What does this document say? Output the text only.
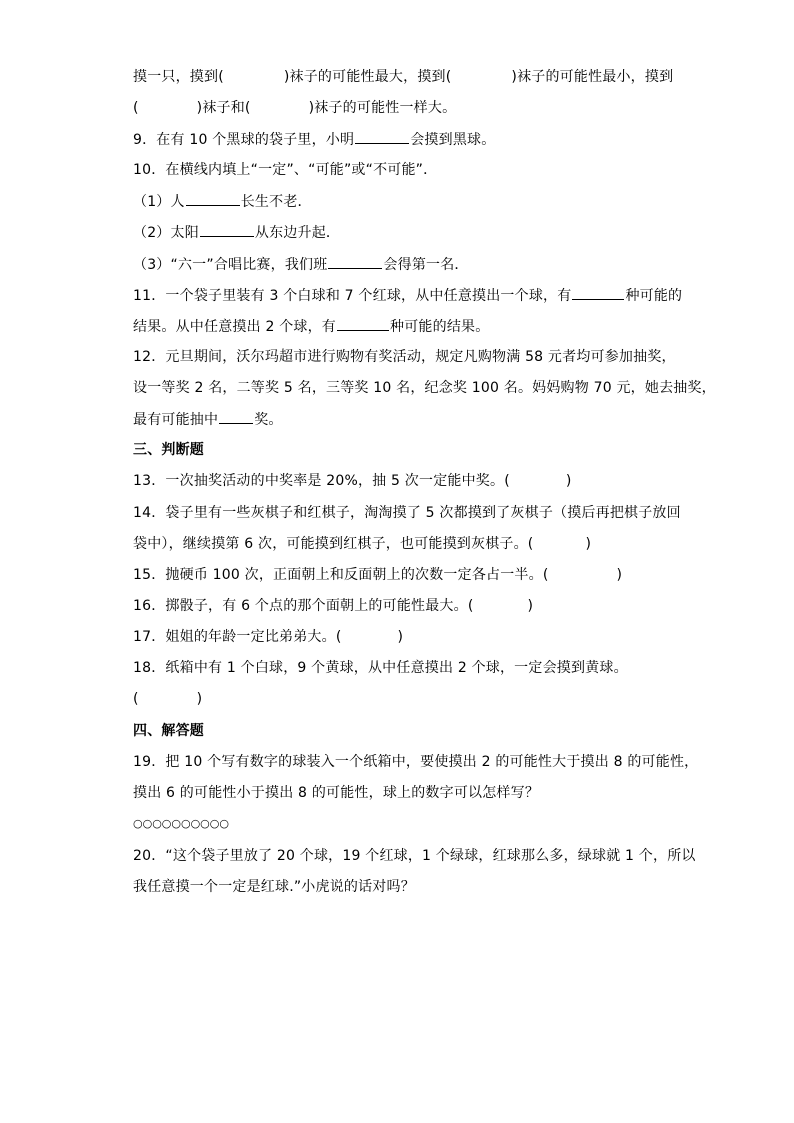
摸一只，摸到(	)袜子的可能性最大，摸到(	)袜子的可能性最小，摸到
(	)袜子和(	)袜子的可能性一样大。
9．在有 10 个黑球的袋子里，小明	会摸到黑球。
10．在横线内填上“一定”、“可能”或“不可能”．
（1）人	长生不老．
（2）太阳	从东边升起．
（3）“六一”合唱比赛，我们班	会得第一名．
11．一个袋子里装有 3 个白球和 7 个红球，从中任意摸出一个球，有	种可能的
结果。从中任意摸出 2 个球，有	种可能的结果。
12．元旦期间，沃尔玛超市进行购物有奖活动，规定凡购物满 58 元者均可参加抽奖，
设一等奖 2 名，二等奖 5 名，三等奖 10 名，纪念奖 100 名。妈妈购物 70 元，她去抽奖，
最有可能抽中	奖。
三、判断题
13．一次抽奖活动的中奖率是 20%，抽 5 次一定能中奖。(	)
14．袋子里有一些灰棋子和红棋子，淘淘摸了 5 次都摸到了灰棋子（摸后再把棋子放回
袋中），继续摸第 6 次，可能摸到红棋子，也可能摸到灰棋子。(	)
15．抛硬币 100 次，正面朝上和反面朝上的次数一定各占一半。(	)
16．掷骰子，有 6 个点的那个面朝上的可能性最大。(	)
17．姐姐的年龄一定比弟弟大。(	)
18．纸箱中有 1 个白球，9 个黄球，从中任意摸出 2 个球，一定会摸到黄球。
(	)
四、解答题
19．把 10 个写有数字的球装入一个纸箱中，要使摸出 2 的可能性大于摸出 8 的可能性，
摸出 6 的可能性小于摸出 8 的可能性，球上的数字可以怎样写？
○○○○○○○○○○
20．“这个袋子里放了 20 个球，19 个红球，1 个绿球，红球那么多，绿球就 1 个，所以
我任意摸一个一定是红球.”小虎说的话对吗？
